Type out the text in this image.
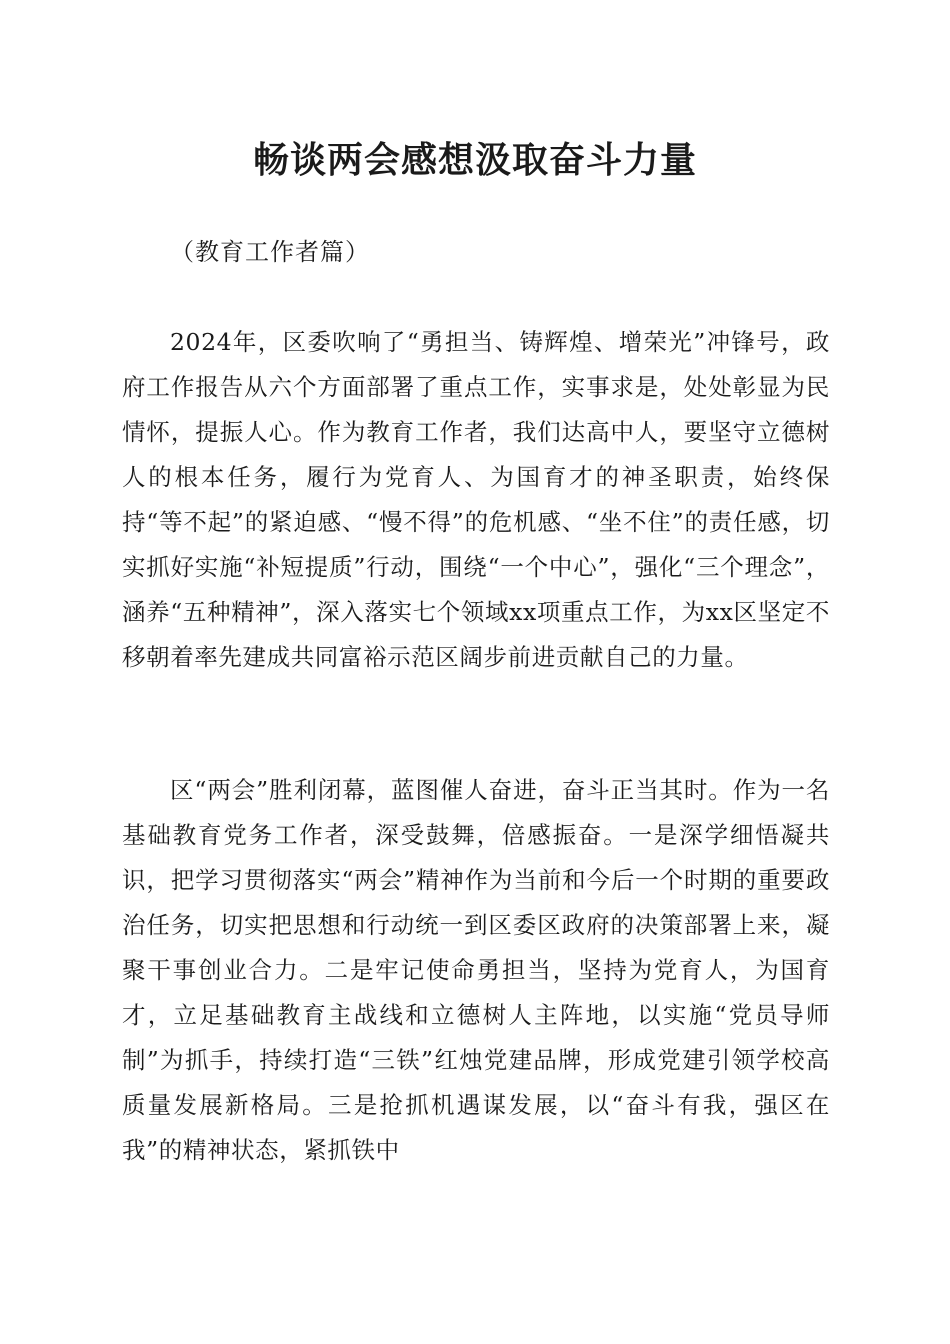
畅谈两会感想汲取奋斗力量

（教育工作者篇）

2024年，区委吹响了“勇担当、铸辉煌、增荣光”冲锋号，政府工作报告从六个方面部署了重点工作，实事求是，处处彰显为民情怀，提振人心。作为教育工作者，我们达高中人，要坚守立德树人的根本任务，履行为党育人、为国育才的神圣职责，始终保持“等不起”的紧迫感、“慢不得”的危机感、“坐不住”的责任感，切实抓好实施“补短提质”行动，围绕“一个中心”，强化“三个理念”，涵养“五种精神”，深入落实七个领域xx项重点工作，为xx区坚定不移朝着率先建成共同富裕示范区阔步前进贡献自己的力量。

区“两会”胜利闭幕，蓝图催人奋进，奋斗正当其时。作为一名基础教育党务工作者，深受鼓舞，倍感振奋。一是深学细悟凝共识，把学习贯彻落实“两会”精神作为当前和今后一个时期的重要政治任务，切实把思想和行动统一到区委区政府的决策部署上来，凝聚干事创业合力。二是牢记使命勇担当，坚持为党育人，为国育才，立足基础教育主战线和立德树人主阵地，以实施“党员导师制”为抓手，持续打造“三铁”红烛党建品牌，形成党建引领学校高质量发展新格局。三是抢抓机遇谋发展，以“奋斗有我，强区在我”的精神状态，紧抓铁中
